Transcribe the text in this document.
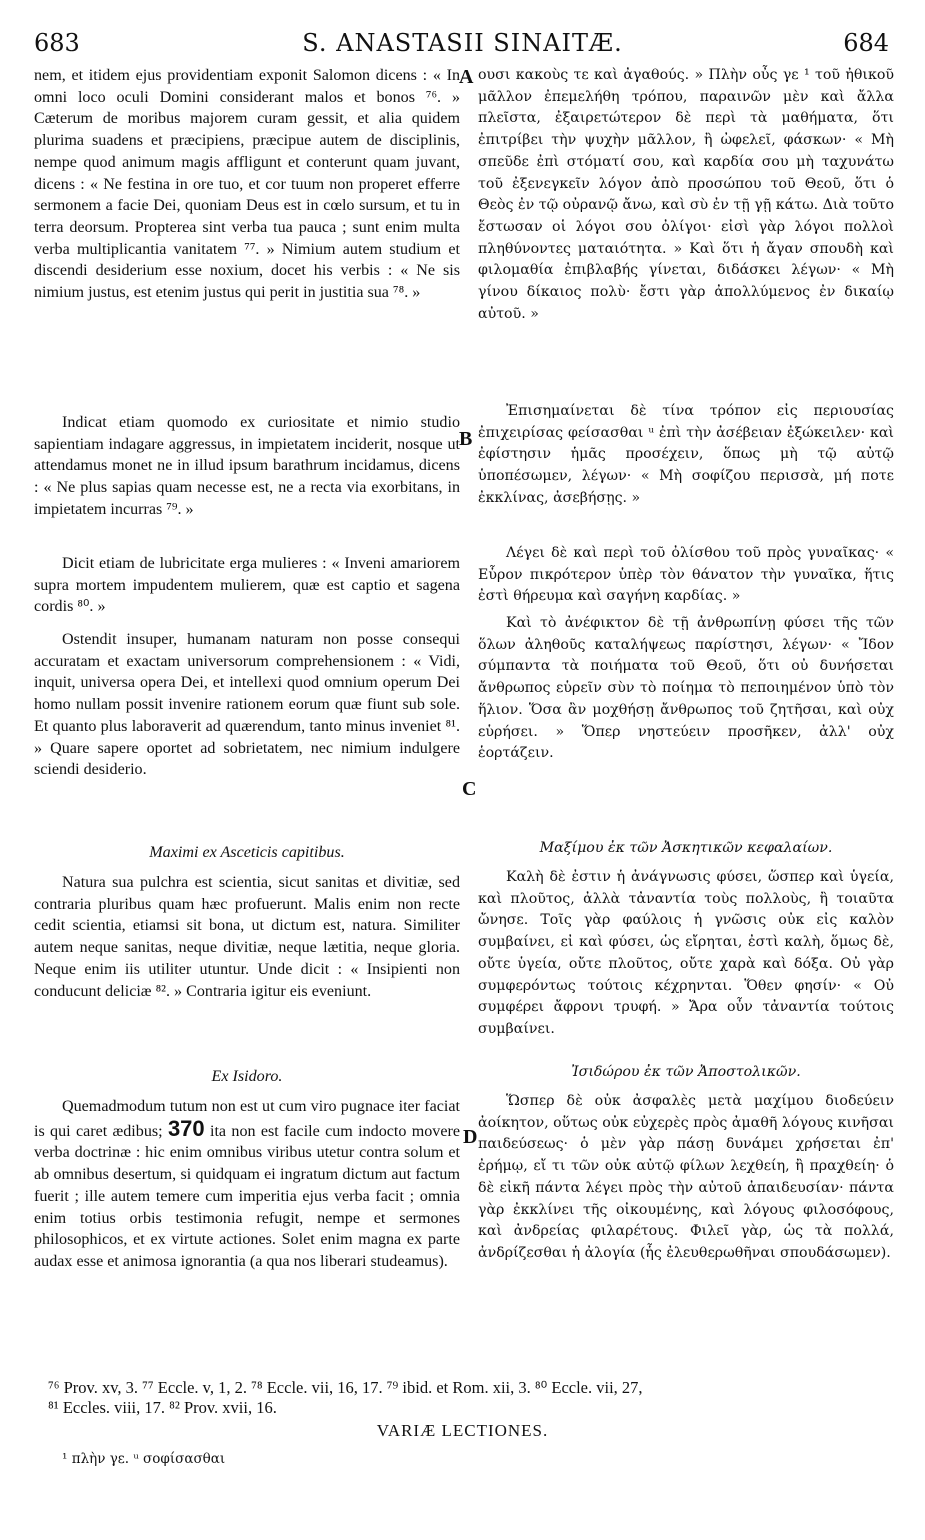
683	S. ANASTASII SINAITÆ.	684
A
B
C
D

nem, et itidem ejus providentiam exponit Salomon dicens : « In omni loco oculi Domini considerant malos et bonos ⁷⁶. » Cæterum de moribus majorem curam gessit, et alia quidem plurima suadens et præcipiens, præcipue autem de disciplinis, nempe quod animum magis affligunt et conterunt quam juvant, dicens : « Ne festina in ore tuo, et cor tuum non properet efferre sermonem a facie Dei, quoniam Deus est in cœlo sursum, et tu in terra deorsum. Propterea sint verba tua pauca ; sunt enim multa verba multiplicantia vanitatem ⁷⁷. » Nimium autem studium et discendi desiderium esse noxium, docet his verbis : « Ne sis nimium justus, est etenim justus qui perit in justitia sua ⁷⁸. »

Indicat etiam quomodo ex curiositate et nimio studio sapientiam indagare aggressus, in impietatem inciderit, nosque ut attendamus monet ne in illud ipsum barathrum incidamus, dicens : « Ne plus sapias quam necesse est, ne a recta via exorbitans, in impietatem incurras ⁷⁹. »

Dicit etiam de lubricitate erga mulieres : « Inveni amariorem supra mortem impudentem mulierem, quæ est captio et sagena cordis ⁸⁰. »

Ostendit insuper, humanam naturam non posse consequi accuratam et exactam universorum comprehensionem : « Vidi, inquit, universa opera Dei, et intellexi quod omnium operum Dei homo nullam possit invenire rationem eorum quæ fiunt sub sole. Et quanto plus laboraverit ad quærendum, tanto minus inveniet ⁸¹. » Quare sapere oportet ad sobrietatem, nec nimium indulgere sciendi desiderio.

Maximi ex Asceticis capitibus.

Natura sua pulchra est scientia, sicut sanitas et divitiæ, sed contraria pluribus quam hæc profuerunt. Malis enim non recte cedit scientia, etiamsi sit bona, ut dictum est, natura. Similiter autem neque sanitas, neque divitiæ, neque lætitia, neque gloria. Neque enim iis utiliter utuntur. Unde dicit : « Insipienti non conducunt deliciæ ⁸². » Contraria igitur eis eveniunt.

Ex Isidoro.

Quemadmodum tutum non est ut cum viro pugnace iter faciat is qui caret ædibus; 370 ita non est facile cum indocto movere verba doctrinæ : hic enim omnibus viribus utetur contra solum et ab omnibus desertum, si quidquam ei ingratum dictum aut factum fuerit ; ille autem temere cum imperitia ejus verba facit ; omnia enim totius orbis testimonia refugit, nempe et sermones philosophicos, et ex virtute actiones. Solet enim magna ex parte audax esse et animosa ignorantia (a qua nos liberari studeamus).

ουσι κακοὺς τε καὶ ἀγαθούς. » Πλὴν οὖς γε ¹ τοῦ ἠθικοῦ μᾶλλον ἐπεμελήθη τρόπου, παραινῶν μὲν καὶ ἄλλα πλεῖστα, ἐξαιρετώτερον δὲ περὶ τὰ μαθήματα, ὅτι ἐπιτρίβει τὴν ψυχὴν μᾶλλον, ἢ ὠφελεῖ, φάσκων· « Μὴ σπεῦδε ἐπὶ στόματί σου, καὶ καρδία σου μὴ ταχυνάτω τοῦ ἐξενεγκεῖν λόγον ἀπὸ προσώπου τοῦ Θεοῦ, ὅτι ὁ Θεὸς ἐν τῷ οὐρανῷ ἄνω, καὶ σὺ ἐν τῇ γῇ κάτω. Διὰ τοῦτο ἔστωσαν οἱ λόγοι σου ὀλίγοι· εἰσὶ γὰρ λόγοι πολλοὶ πληθύνοντες ματαιότητα. » Καὶ ὅτι ἡ ἄγαν σπουδὴ καὶ φιλομαθία ἐπιβλαβής γίνεται, διδάσκει λέγων· « Μὴ γίνου δίκαιος πολὺ· ἔστι γὰρ ἀπολλύμενος ἐν δικαίῳ αὐτοῦ. »

Ἐπισημαίνεται δὲ τίνα τρόπον εἰς περιουσίας ἐπιχειρίσας φείσασθαι ᵘ ἐπὶ τὴν ἀσέβειαν ἐξώκειλεν· καὶ ἐφίστησιν ἡμᾶς προσέχειν, ὅπως μὴ τῷ αὐτῷ ὑποπέσωμεν, λέγων· « Μὴ σοφίζου περισσὰ, μή ποτε ἐκκλίνας, ἀσεβήσῃς. »

Λέγει δὲ καὶ περὶ τοῦ ὀλίσθου τοῦ πρὸς γυναῖκας· « Εὗρον πικρότερον ὑπὲρ τὸν θάνατον τὴν γυναῖκα, ἥτις ἐστὶ θήρευμα καὶ σαγήνη καρδίας. »

Καὶ τὸ ἀνέφικτον δὲ τῇ ἀνθρωπίνῃ φύσει τῆς τῶν ὅλων ἀληθοῦς καταλήψεως παρίστησι, λέγων· « Ἴδον σύμπαντα τὰ ποιήματα τοῦ Θεοῦ, ὅτι οὐ δυνήσεται ἄνθρωπος εὑρεῖν σὺν τὸ ποίημα τὸ πεποιημένον ὑπὸ τὸν ἥλιον. Ὅσα ἂν μοχθήσῃ ἄνθρωπος τοῦ ζητῆσαι, καὶ οὐχ εὑρήσει. » Ὅπερ νηστεύειν προσῆκεν, ἀλλ' οὐχ ἑορτάζειν.

Μαξίμου ἐκ τῶν Ἀσκητικῶν κεφαλαίων.

Καλὴ δὲ ἐστιν ἡ ἀνάγνωσις φύσει, ὥσπερ καὶ ὑγεία, καὶ πλοῦτος, ἀλλὰ τἀναντία τοὺς πολλοὺς, ἢ τοιαῦτα ὤνησε. Τοῖς γὰρ φαύλοις ἡ γνῶσις οὐκ εἰς καλὸν συμβαίνει, εἰ καὶ φύσει, ὡς εἴρηται, ἐστὶ καλὴ, ὅμως δὲ, οὔτε ὑγεία, οὔτε πλοῦτος, οὔτε χαρὰ καὶ δόξα. Οὐ γὰρ συμφερόντως τούτοις κέχρηνται. Ὅθεν φησίν· « Οὐ συμφέρει ἄφρονι τρυφή. » Ἄρα οὖν τἀναντία τούτοις συμβαίνει.

Ἰσιδώρου ἐκ τῶν Ἀποστολικῶν.

Ὥσπερ δὲ οὐκ ἀσφαλὲς μετὰ μαχίμου διοδεύειν ἀοίκητον, οὕτως οὐκ εὐχερὲς πρὸς ἀμαθῆ λόγους κινῆσαι παιδεύσεως· ὁ μὲν γὰρ πάσῃ δυνάμει χρήσεται ἐπ' ἐρήμῳ, εἴ τι τῶν οὐκ αὐτῷ φίλων λεχθείη, ἢ πραχθείη· ὁ δὲ εἰκῆ πάντα λέγει πρὸς τὴν αὐτοῦ ἀπαιδευσίαν· πάντα γὰρ ἐκκλίνει τῆς οἰκουμένης, καὶ λόγους φιλοσόφους, καὶ ἀνδρείας φιλαρέτους. Φιλεῖ γὰρ, ὡς τὰ πολλά, ἀνδρίζεσθαι ἡ ἀλογία (ἧς ἐλευθερωθῆναι σπουδάσωμεν).

⁷⁶ Prov. xv, 3. ⁷⁷ Eccle. v, 1, 2. ⁷⁸ Eccle. vii, 16, 17. ⁷⁹ ibid. et Rom. xii, 3. ⁸⁰ Eccle. vii, 27,
⁸¹ Eccles. viii, 17. ⁸² Prov. xvii, 16.
VARIÆ LECTIONES.
¹ πλὴν γε. ᵘ σοφίσασθαι
